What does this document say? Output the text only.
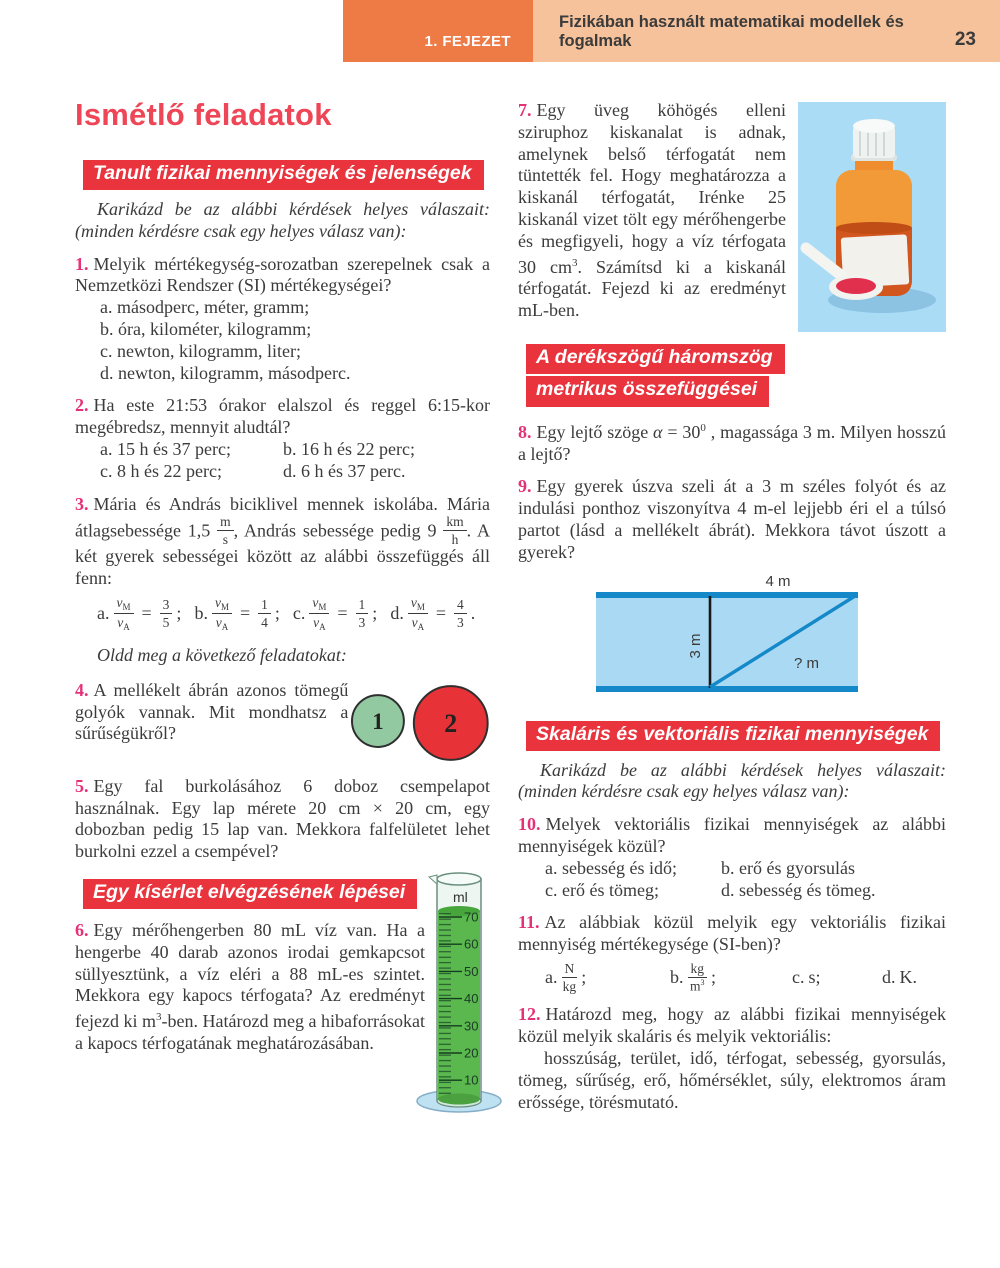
1. FEJEZET
Fizikában használt matematikai modellek és fogalmak	23
Ismétlő feladatok
Tanult fizikai mennyiségek és jelenségek

Karikázd be az alábbi kérdések helyes válaszait: (minden kérdésre csak egy helyes válasz van):

1. Melyik mértékegység-sorozatban szerepelnek csak a Nemzetközi Rendszer (SI) mértékegységei?

a. másodperc, méter, gramm;
b. óra, kilométer, kilogramm;
c. newton, kilogramm, liter;
d. newton, kilogramm, másodperc.

2. Ha este 21:53 órakor elalszol és reggel 6:15-kor megébredsz, mennyit aludtál?

a. 15 h és 37 perc;	b. 16 h és 22 perc;
c. 8 h és 22 perc;	d. 6 h és 37 perc.

3. Mária és András biciklivel mennek iskolába. Mária átlagsebessége $1,5 \frac{m}{s}$ , András sebessége pedig $9 \frac{km}{h}$ . A két gyerek sebességei között az alábbi összefüggés áll fenn:

a. $\frac{v_M}{v_A} = \frac{3}{5}$ ; b. $\frac{v_M}{v_A} = \frac{1}{4}$ ; c. $\frac{v_M}{v_A} = \frac{1}{3}$ ; d. $\frac{v_M}{v_A} = \frac{4}{3}$ .

Oldd meg a következő feladatokat:

4. A mellékelt ábrán azonos tömegű golyók vannak. Mit mondhatsz a sűrűségükről?	1 2

5. Egy fal burkolásához 6 doboz csempelapot használnak. Egy lap mérete 20 cm × 20 cm, egy dobozban pedig 15 lap van. Mekkora falfelületet lehet burkolni ezzel a csempével?

Egy kísérlet elvégzésének lépései

6. Egy mérőhengerben 80 mL víz van. Ha a hengerbe 40 darab azonos irodai gemkapcsot süllyesztünk, a víz eléri a 88 mL-es szintet. Mekkora egy kapocs térfogata? Az eredményt fejezd ki $m^3$-ben. Határozd meg a hibaforrásokat a kapocs térfogatának meghatározásában.

70
60
50
40
30
20
10
ml

7. Egy üveg köhögés elleni sziruphoz kiskanalat is adnak, amelynek belső térfogatát nem tüntették fel. Hogy meghatározza a kiskanál térfogatát, Irénke 25 kiskanál vizet tölt egy mérőhengerbe és megfigyeli, hogy a víz térfogata 30 $cm^3$. Számítsd ki a kiskanál térfogatát. Fejezd ki az eredményt mL-ben.

A derékszögű háromszög
metrikus összefüggései

8. Egy lejtő szöge $\alpha = 30^0$ , magassága 3 m. Milyen hosszú a lejtő?

9. Egy gyerek úszva szeli át a 3 m széles folyót és az indulási ponthoz viszonyítva 4 m-el lejjebb éri el a túlsó partot (lásd a mellékelt ábrát). Mekkora távot úszott a gyerek?

4 m
3 m
? m
Skaláris és vektoriális fizikai mennyiségek

Karikázd be az alábbi kérdések helyes válaszait: (minden kérdésre csak egy helyes válasz van):

10. Melyek vektoriális fizikai mennyiségek az alábbi mennyiségek közül?

a. sebesség és idő;	b. erő és gyorsulás
c. erő és tömeg;	d. sebesség és tömeg.

11. Az alábbiak közül melyik egy vektoriális fizikai mennyiség mértékegysége (SI-ben)?

a. $\frac{N}{kg}$ ;	b. $\frac{kg}{m^3}$ ;	c. s;	d. K.

12. Határozd meg, hogy az alábbi fizikai mennyiségek közül melyik skaláris és melyik vektoriális:

hosszúság, terület, idő, térfogat, sebesség, gyorsulás, tömeg, sűrűség, erő, hőmérséklet, súly, elektromos áram erőssége, törésmutató.
